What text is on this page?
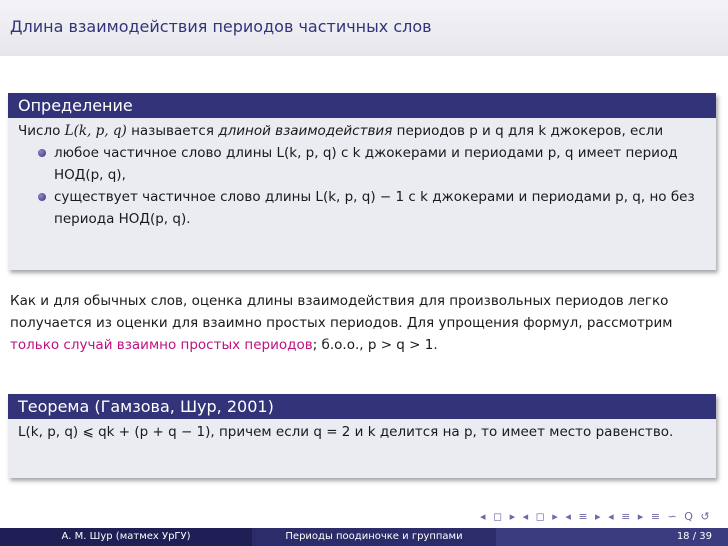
Длина взаимодействия периодов частичных слов
Определение
Число L(k, p, q) называется длиной взаимодействия периодов p и q для k джокеров, если
любое частичное слово длины L(k, p, q) с k джокерами и периодами p, q имеет период НОД(p, q),
существует частичное слово длины L(k, p, q) − 1 с k джокерами и периодами p, q, но без периода НОД(p, q).
Как и для обычных слов, оценка длины взаимодействия для произвольных периодов легко получается из оценки для взаимно простых периодов. Для упрощения формул, рассмотрим только случай взаимно простых периодов; б.о.о., p > q > 1.
Теорема (Гамзова, Шур, 2001)
L(k, p, q) ⩽ qk + (p + q − 1), причем если q = 2 и k делится на p, то имеет место равенство.
◂ ◻ ▸ ◂ ◻ ▸ ◂ ≡ ▸ ◂ ≡ ▸ ≡ ∽ Q ↺
А. М. Шур (матмех УрГУ)	Периоды поодиночке и группами	18 / 39
